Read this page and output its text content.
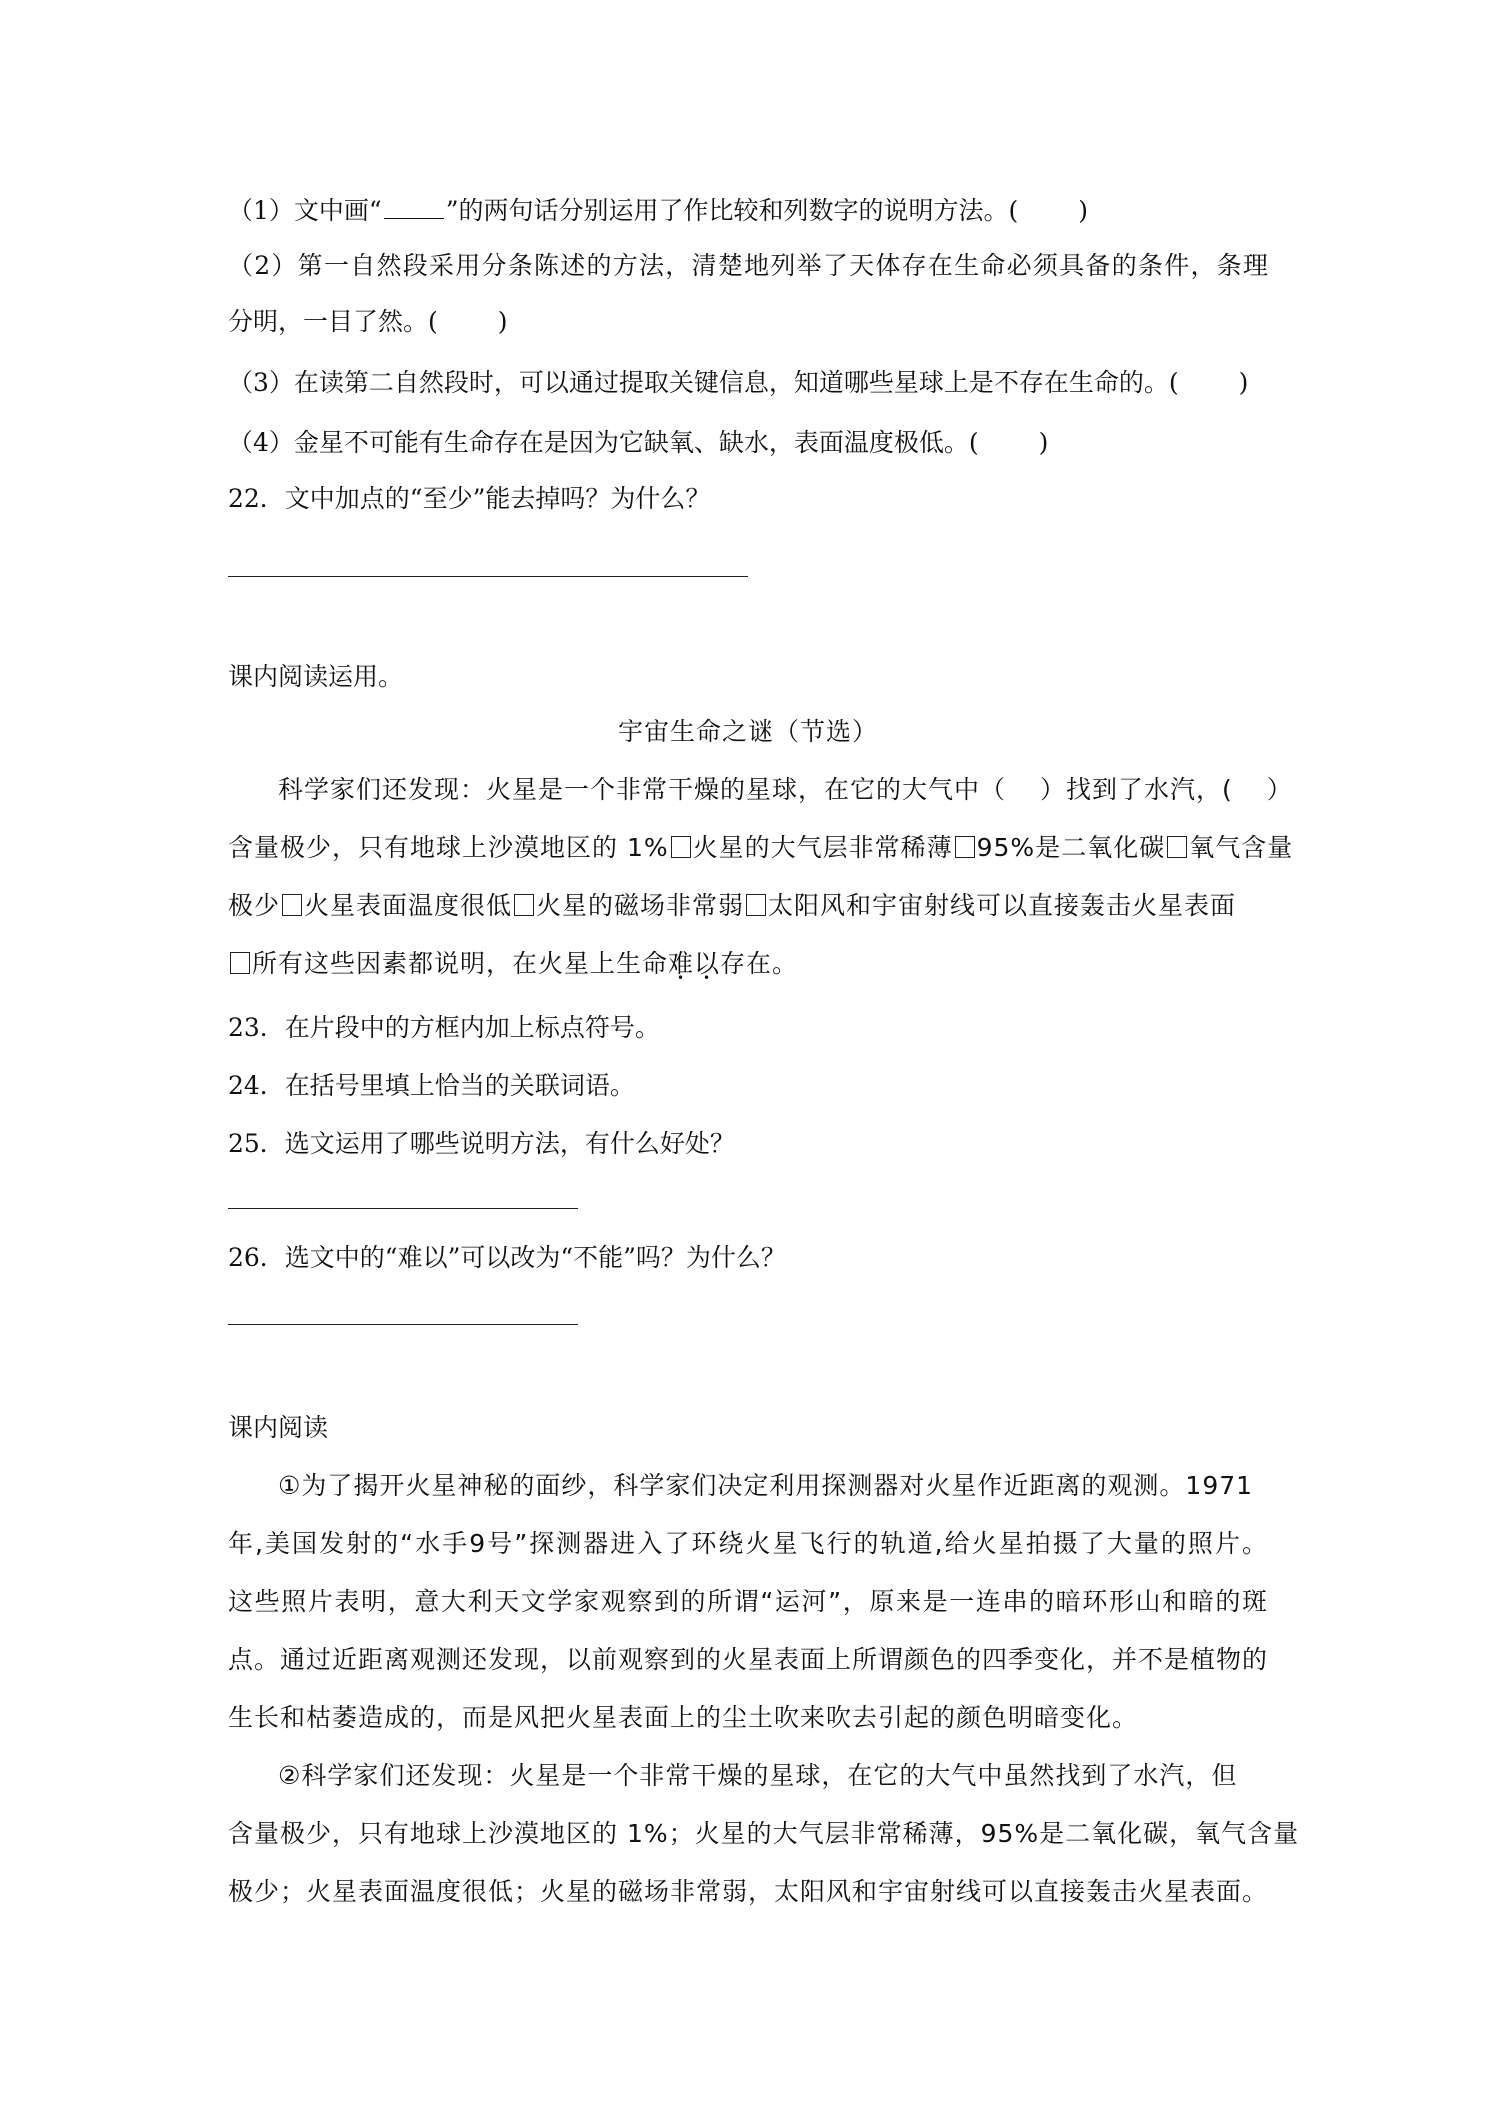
（1）文中画“	”的两句话分别运用了作比较和列数字的说明方法。( )
（2）第一自然段采用分条陈述的方法，清楚地列举了天体存在生命必须具备的条件，条理
分明，一目了然。( )
（3）在读第二自然段时，可以通过提取关键信息，知道哪些星球上是不存在生命的。( )
（4）金星不可能有生命存在是因为它缺氧、缺水，表面温度极低。( )
22．文中加点的“至少”能去掉吗？为什么？
课内阅读运用。
宇宙生命之谜（节选）
科学家们还发现：火星是一个非常干燥的星球，在它的大气中（ ）找到了水汽，( ）
含量极少，只有地球上沙漠地区的 1% 火星的大气层非常稀薄 95%是二氧化碳 氧气含量
极少 火星表面温度很低 火星的磁场非常弱 太阳风和宇宙射线可以直接轰击火星表面
所有这些因素都说明，在火星上生命难以存在。
23．在片段中的方框内加上标点符号。
24．在括号里填上恰当的关联词语。
25．选文运用了哪些说明方法，有什么好处？
26．选文中的“难以”可以改为“不能”吗？为什么？
课内阅读
①为了揭开火星神秘的面纱，科学家们决定利用探测器对火星作近距离的观测。1971
年,美国发射的“水手9号”探测器进入了环绕火星飞行的轨道,给火星拍摄了大量的照片。
这些照片表明，意大利天文学家观察到的所谓“运河”，原来是一连串的暗环形山和暗的斑
点。通过近距离观测还发现，以前观察到的火星表面上所谓颜色的四季变化，并不是植物的
生长和枯萎造成的，而是风把火星表面上的尘土吹来吹去引起的颜色明暗变化。
②科学家们还发现：火星是一个非常干燥的星球，在它的大气中虽然找到了水汽，但
含量极少，只有地球上沙漠地区的 1%；火星的大气层非常稀薄，95%是二氧化碳，氧气含量
极少；火星表面温度很低；火星的磁场非常弱，太阳风和宇宙射线可以直接轰击火星表面。
